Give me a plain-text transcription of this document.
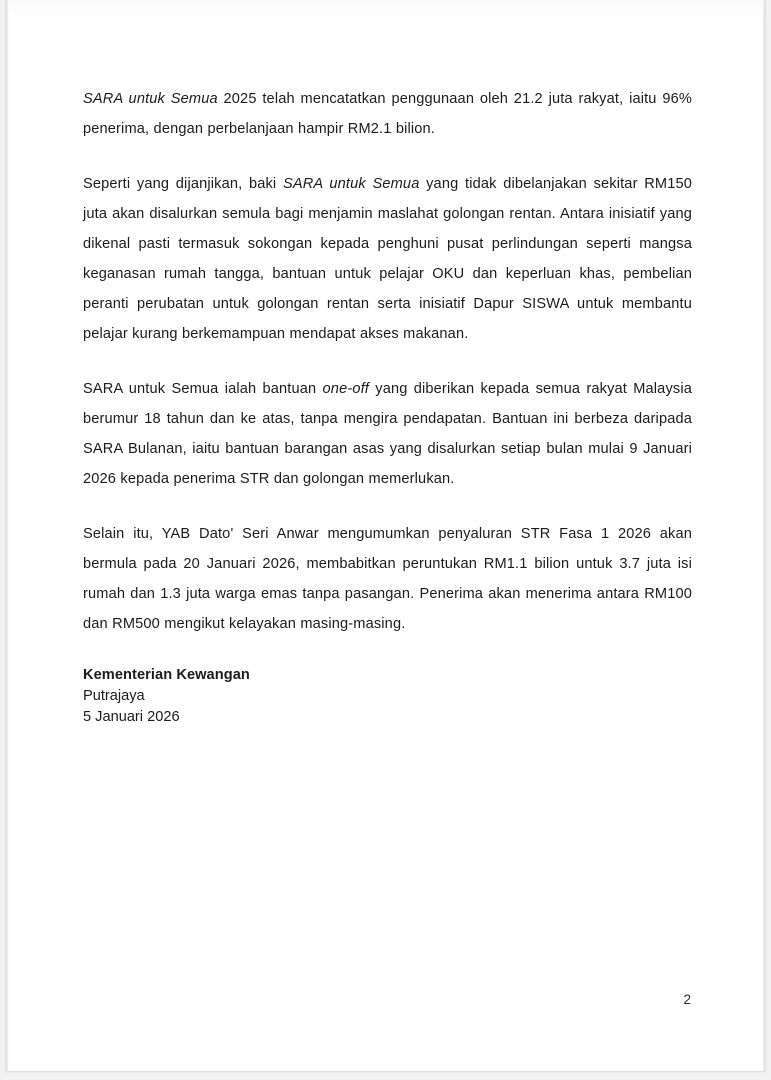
SARA untuk Semua 2025 telah mencatatkan penggunaan oleh 21.2 juta rakyat, iaitu 96% penerima, dengan perbelanjaan hampir RM2.1 bilion.

Seperti yang dijanjikan, baki SARA untuk Semua yang tidak dibelanjakan sekitar RM150 juta akan disalurkan semula bagi menjamin maslahat golongan rentan. Antara inisiatif yang dikenal pasti termasuk sokongan kepada penghuni pusat perlindungan seperti mangsa keganasan rumah tangga, bantuan untuk pelajar OKU dan keperluan khas, pembelian peranti perubatan untuk golongan rentan serta inisiatif Dapur SISWA untuk membantu pelajar kurang berkemampuan mendapat akses makanan.

SARA untuk Semua ialah bantuan one-off yang diberikan kepada semua rakyat Malaysia berumur 18 tahun dan ke atas, tanpa mengira pendapatan. Bantuan ini berbeza daripada SARA Bulanan, iaitu bantuan barangan asas yang disalurkan setiap bulan mulai 9 Januari 2026 kepada penerima STR dan golongan memerlukan.

Selain itu, YAB Dato' Seri Anwar mengumumkan penyaluran STR Fasa 1 2026 akan bermula pada 20 Januari 2026, membabitkan peruntukan RM1.1 bilion untuk 3.7 juta isi rumah dan 1.3 juta warga emas tanpa pasangan. Penerima akan menerima antara RM100 dan RM500 mengikut kelayakan masing-masing.

Kementerian Kewangan
Putrajaya
5 Januari 2026
2
